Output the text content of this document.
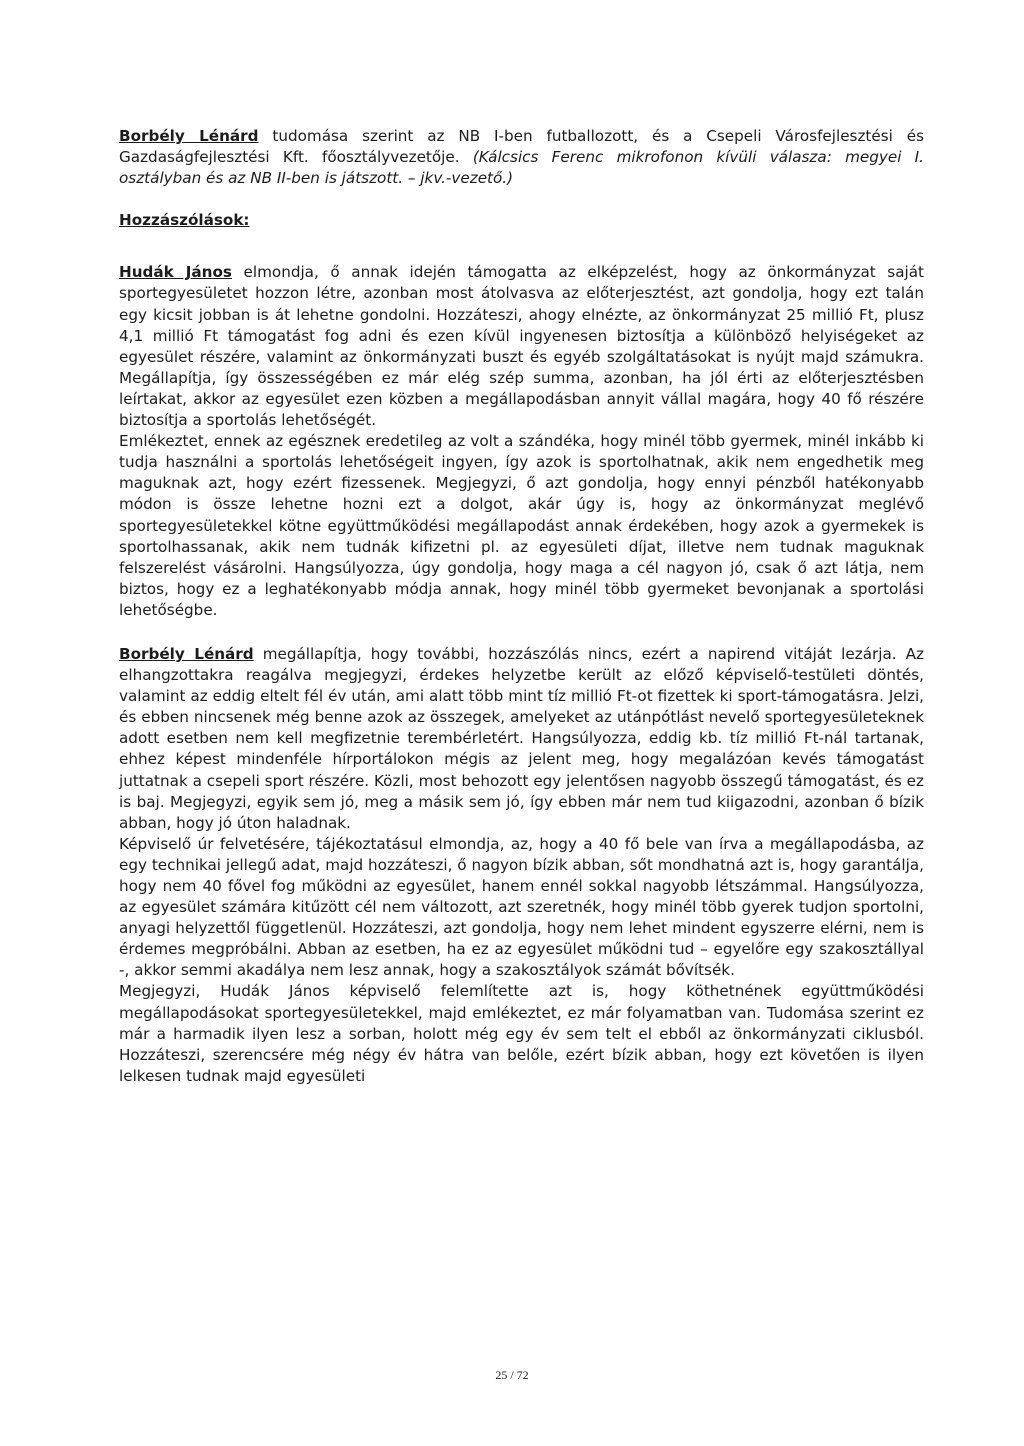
Borbély Lénárd tudomása szerint az NB I-ben futballozott, és a Csepeli Városfejlesztési és Gazdaságfejlesztési Kft. főosztályvezetője. (Kálcsics Ferenc mikrofonon kívüli válasza: megyei I. osztályban és az NB II-ben is játszott. – jkv.-vezető.)

Hozzászólások:

Hudák János elmondja, ő annak idején támogatta az elképzelést, hogy az önkormányzat saját sportegyesületet hozzon létre, azonban most átolvasva az előterjesztést, azt gondolja, hogy ezt talán egy kicsit jobban is át lehetne gondolni. Hozzáteszi, ahogy elnézte, az önkormányzat 25 millió Ft, plusz 4,1 millió Ft támogatást fog adni és ezen kívül ingyenesen biztosítja a különböző helyiségeket az egyesület részére, valamint az önkormányzati buszt és egyéb szolgáltatásokat is nyújt majd számukra. Megállapítja, így összességében ez már elég szép summa, azonban, ha jól érti az előterjesztésben leírtakat, akkor az egyesület ezen közben a megállapodásban annyit vállal magára, hogy 40 fő részére biztosítja a sportolás lehetőségét.

Emlékeztet, ennek az egésznek eredetileg az volt a szándéka, hogy minél több gyermek, minél inkább ki tudja használni a sportolás lehetőségeit ingyen, így azok is sportolhatnak, akik nem engedhetik meg maguknak azt, hogy ezért fizessenek. Megjegyzi, ő azt gondolja, hogy ennyi pénzből hatékonyabb módon is össze lehetne hozni ezt a dolgot, akár úgy is, hogy az önkormányzat meglévő sportegyesületekkel kötne együttműködési megállapodást annak érdekében, hogy azok a gyermekek is sportolhassanak, akik nem tudnák kifizetni pl. az egyesületi díjat, illetve nem tudnak maguknak felszerelést vásárolni. Hangsúlyozza, úgy gondolja, hogy maga a cél nagyon jó, csak ő azt látja, nem biztos, hogy ez a leghatékonyabb módja annak, hogy minél több gyermeket bevonjanak a sportolási lehetőségbe.

Borbély Lénárd megállapítja, hogy további, hozzászólás nincs, ezért a napirend vitáját lezárja. Az elhangzottakra reagálva megjegyzi, érdekes helyzetbe került az előző képviselő-testületi döntés, valamint az eddig eltelt fél év után, ami alatt több mint tíz millió Ft-ot fizettek ki sport-támogatásra. Jelzi, és ebben nincsenek még benne azok az összegek, amelyeket az utánpótlást nevelő sportegyesületeknek adott esetben nem kell megfizetnie terembérletért. Hangsúlyozza, eddig kb. tíz millió Ft-nál tartanak, ehhez képest mindenféle hírportálokon mégis az jelent meg, hogy megalázóan kevés támogatást juttatnak a csepeli sport részére. Közli, most behozott egy jelentősen nagyobb összegű támogatást, és ez is baj. Megjegyzi, egyik sem jó, meg a másik sem jó, így ebben már nem tud kiigazodni, azonban ő bízik abban, hogy jó úton haladnak.

Képviselő úr felvetésére, tájékoztatásul elmondja, az, hogy a 40 fő bele van írva a megállapodásba, az egy technikai jellegű adat, majd hozzáteszi, ő nagyon bízik abban, sőt mondhatná azt is, hogy garantálja, hogy nem 40 fővel fog működni az egyesület, hanem ennél sokkal nagyobb létszámmal. Hangsúlyozza, az egyesület számára kitűzött cél nem változott, azt szeretnék, hogy minél több gyerek tudjon sportolni, anyagi helyzettől függetlenül. Hozzáteszi, azt gondolja, hogy nem lehet mindent egyszerre elérni, nem is érdemes megpróbálni. Abban az esetben, ha ez az egyesület működni tud – egyelőre egy szakosztállyal -, akkor semmi akadálya nem lesz annak, hogy a szakosztályok számát bővítsék.

Megjegyzi, Hudák János képviselő felemlítette azt is, hogy köthetnének együttműködési megállapodásokat sportegyesületekkel, majd emlékeztet, ez már folyamatban van. Tudomása szerint ez már a harmadik ilyen lesz a sorban, holott még egy év sem telt el ebből az önkormányzati ciklusból. Hozzáteszi, szerencsére még négy év hátra van belőle, ezért bízik abban, hogy ezt követően is ilyen lelkesen tudnak majd egyesületi

25 / 72
